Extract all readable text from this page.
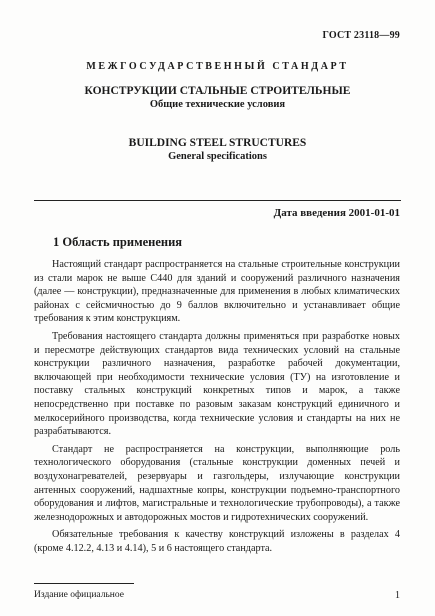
ГОСТ 23118—99
МЕЖГОСУДАРСТВЕННЫЙ СТАНДАРТ
КОНСТРУКЦИИ СТАЛЬНЫЕ СТРОИТЕЛЬНЫЕ
Общие технические условия
BUILDING STEEL STRUCTURES
General specifications
Дата введения 2001-01-01
1 Область применения

Настоящий стандарт распространяется на стальные строительные конструкции из стали марок не выше С440 для зданий и сооружений различного назначения (далее — конструкции), предназначенные для применения в любых климатических районах с сейсмичностью до 9 баллов включительно и устанавливает общие требования к этим конструкциям.

Требования настоящего стандарта должны применяться при разработке новых и пересмотре действующих стандартов вида технических условий на стальные конструкции различного назначения, разработке рабочей документации, включающей при необходимости технические условия (ТУ) на изготовление и поставку стальных конструкций конкретных типов и марок, а также непосредственно при поставке по разовым заказам конструкций единичного и мелкосерийного производства, когда технические условия и стандарты на них не разрабатываются.

Стандарт не распространяется на конструкции, выполняющие роль технологического оборудования (стальные конструкции доменных печей и воздухонагревателей, резервуары и газгольдеры, излучающие конструкции антенных сооружений, надшахтные копры, конструкции подъемно-транспортного оборудования и лифтов, магистральные и технологические трубопроводы), а также железнодорожных и автодорожных мостов и гидротехнических сооружений.

Обязательные требования к качеству конструкций изложены в разделах 4 (кроме 4.12.2, 4.13 и 4.14), 5 и 6 настоящего стандарта.

Издание официальное	1
